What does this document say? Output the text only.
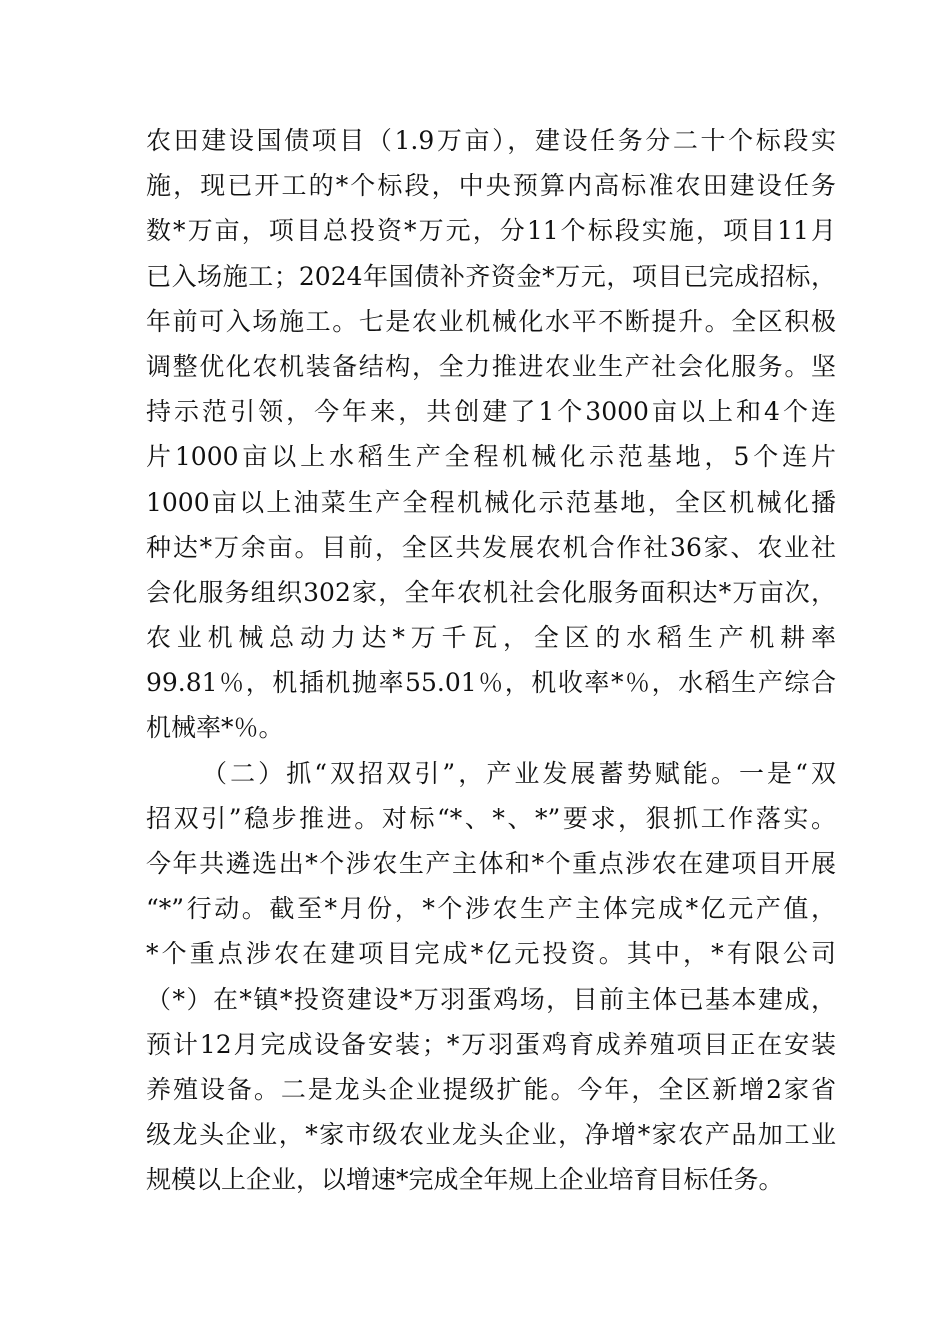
农田建设国债项目（1.9万亩），建设任务分二十个标段实
施，现已开工的*个标段，中央预算内高标准农田建设任务
数*万亩，项目总投资*万元，分11个标段实施，项目11月
已入场施工；2024年国债补齐资金*万元，项目已完成招标，
年前可入场施工。七是农业机械化水平不断提升。全区积极
调整优化农机装备结构，全力推进农业生产社会化服务。坚
持示范引领，今年来，共创建了1个3000亩以上和4个连
片1000亩以上水稻生产全程机械化示范基地，5个连片
1000亩以上油菜生产全程机械化示范基地，全区机械化播
种达*万余亩。目前，全区共发展农机合作社36家、农业社
会化服务组织302家，全年农机社会化服务面积达*万亩次，
农业机械总动力达*万千瓦，全区的水稻生产机耕率
99.81％，机插机抛率55.01％，机收率*％，水稻生产综合
机械率*％。
（二）抓“双招双引”，产业发展蓄势赋能。一是“双
招双引”稳步推进。对标“*、*、*”要求，狠抓工作落实。
今年共遴选出*个涉农生产主体和*个重点涉农在建项目开展
“*”行动。截至*月份，*个涉农生产主体完成*亿元产值，
*个重点涉农在建项目完成*亿元投资。其中，*有限公司
（*）在*镇*投资建设*万羽蛋鸡场，目前主体已基本建成，
预计12月完成设备安装；*万羽蛋鸡育成养殖项目正在安装
养殖设备。二是龙头企业提级扩能。今年，全区新增2家省
级龙头企业，*家市级农业龙头企业，净增*家农产品加工业
规模以上企业，以增速*完成全年规上企业培育目标任务。
